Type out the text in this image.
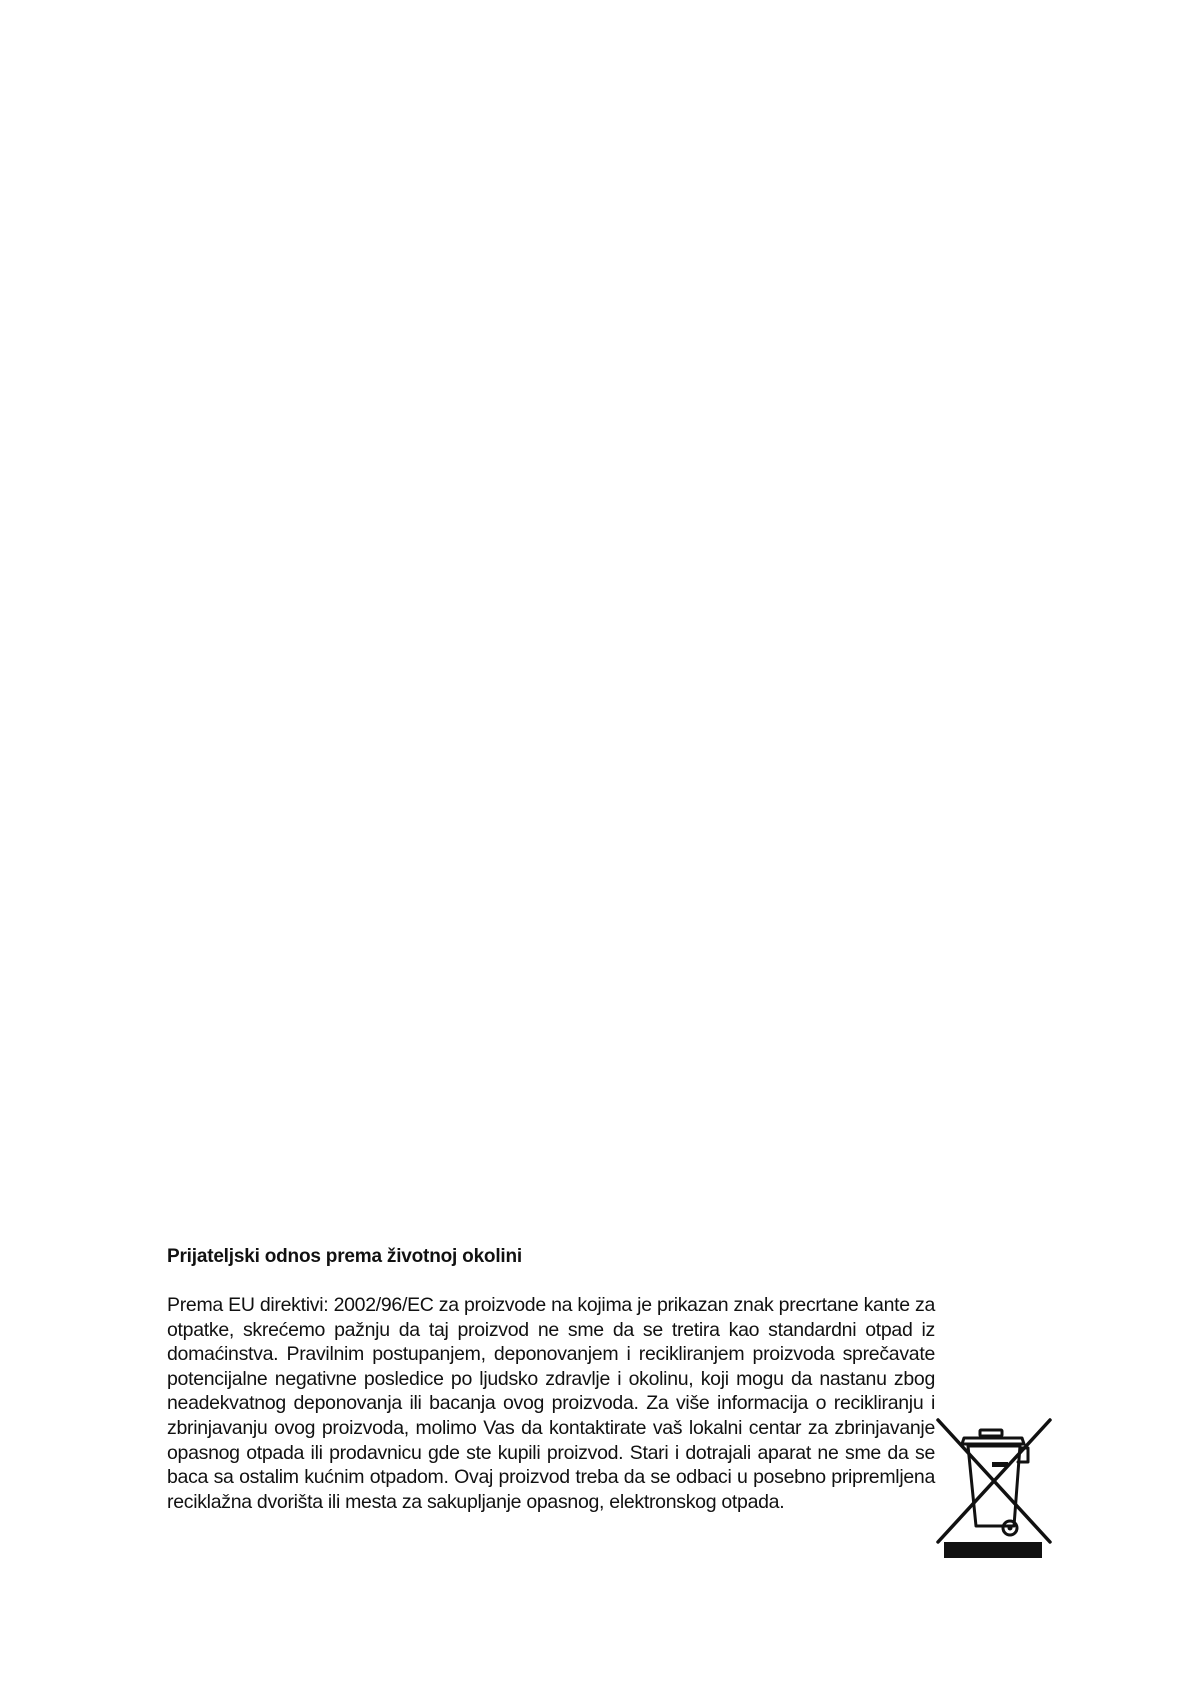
Prijateljski odnos prema životnoj okolini

Prema EU direktivi: 2002/96/EC za proizvode na kojima je prikazan znak precrtane kante za otpatke, skrećemo pažnju da taj proizvod ne sme da se tretira kao standardni otpad iz domaćinstva. Pravilnim postupanjem, deponovanjem i recikliranjem proizvoda sprečavate potencijalne negativne posledice po ljudsko zdravlje i okolinu, koji mogu da nastanu zbog neadekvatnog deponovanja ili bacanja ovog proizvoda. Za više informacija o recikliranju i zbrinjavanju ovog proizvoda, molimo Vas da kontaktirate vaš lokalni centar za zbrinjavanje opasnog otpada ili prodavnicu gde ste kupili proizvod. Stari i dotrajali aparat ne sme da se baca sa ostalim kućnim otpadom. Ovaj proizvod treba da se odbaci u posebno pripremljena reciklažna dvorišta ili mesta za sakupljanje opasnog, elektronskog otpada.
